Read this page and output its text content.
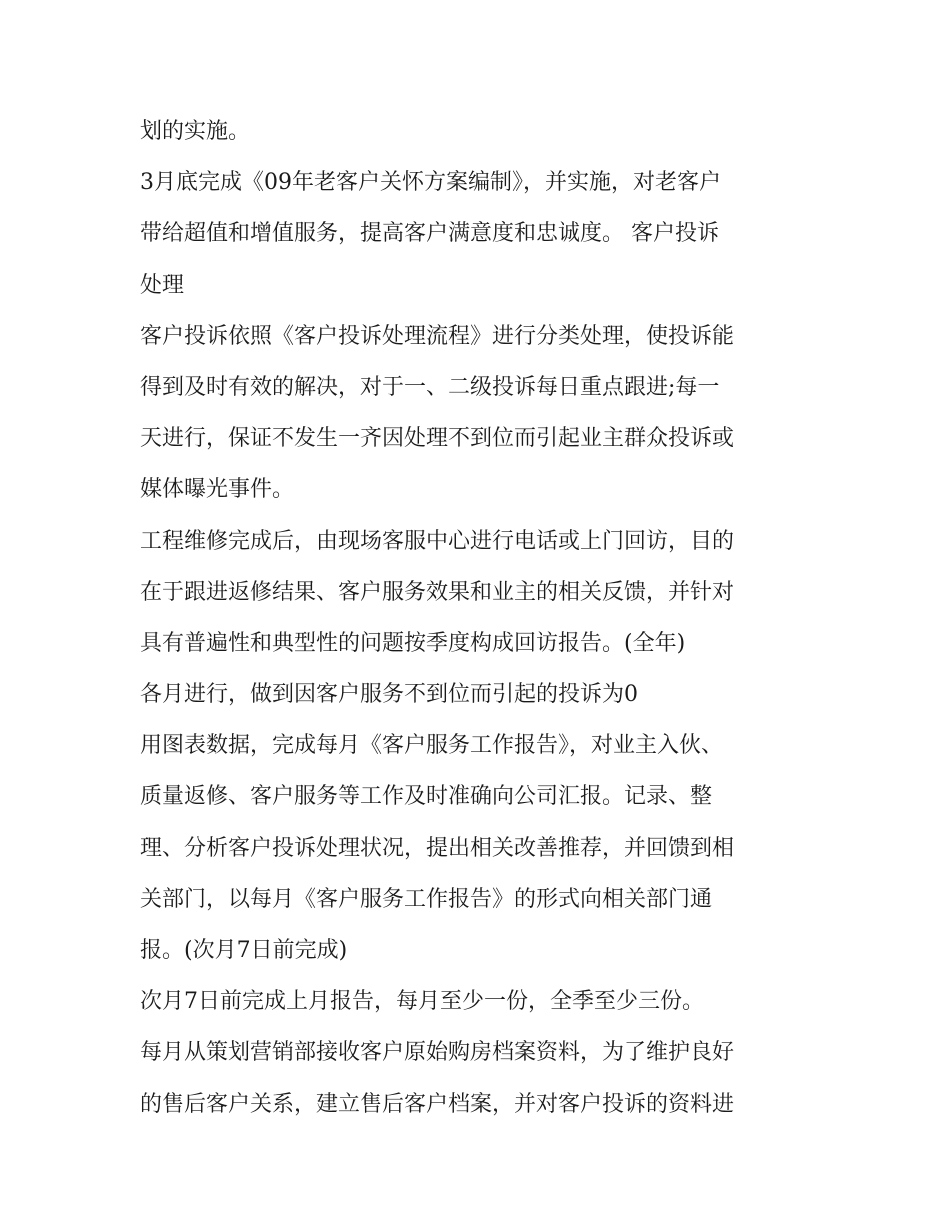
划的实施。
3月底完成《09年老客户关怀方案编制》，并实施，对老客户
带给超值和增值服务，提高客户满意度和忠诚度。 客户投诉
处理
客户投诉依照《客户投诉处理流程》进行分类处理，使投诉能
得到及时有效的解决，对于一、二级投诉每日重点跟进;每一
天进行，保证不发生一齐因处理不到位而引起业主群众投诉或
媒体曝光事件。
工程维修完成后，由现场客服中心进行电话或上门回访，目的
在于跟进返修结果、客户服务效果和业主的相关反馈，并针对
具有普遍性和典型性的问题按季度构成回访报告。(全年)
各月进行，做到因客户服务不到位而引起的投诉为0
用图表数据，完成每月《客户服务工作报告》，对业主入伙、
质量返修、客户服务等工作及时准确向公司汇报。记录、整
理、分析客户投诉处理状况，提出相关改善推荐，并回馈到相
关部门，以每月《客户服务工作报告》的形式向相关部门通
报。(次月7日前完成)
次月7日前完成上月报告，每月至少一份，全季至少三份。
每月从策划营销部接收客户原始购房档案资料，为了维护良好
的售后客户关系，建立售后客户档案，并对客户投诉的资料进
